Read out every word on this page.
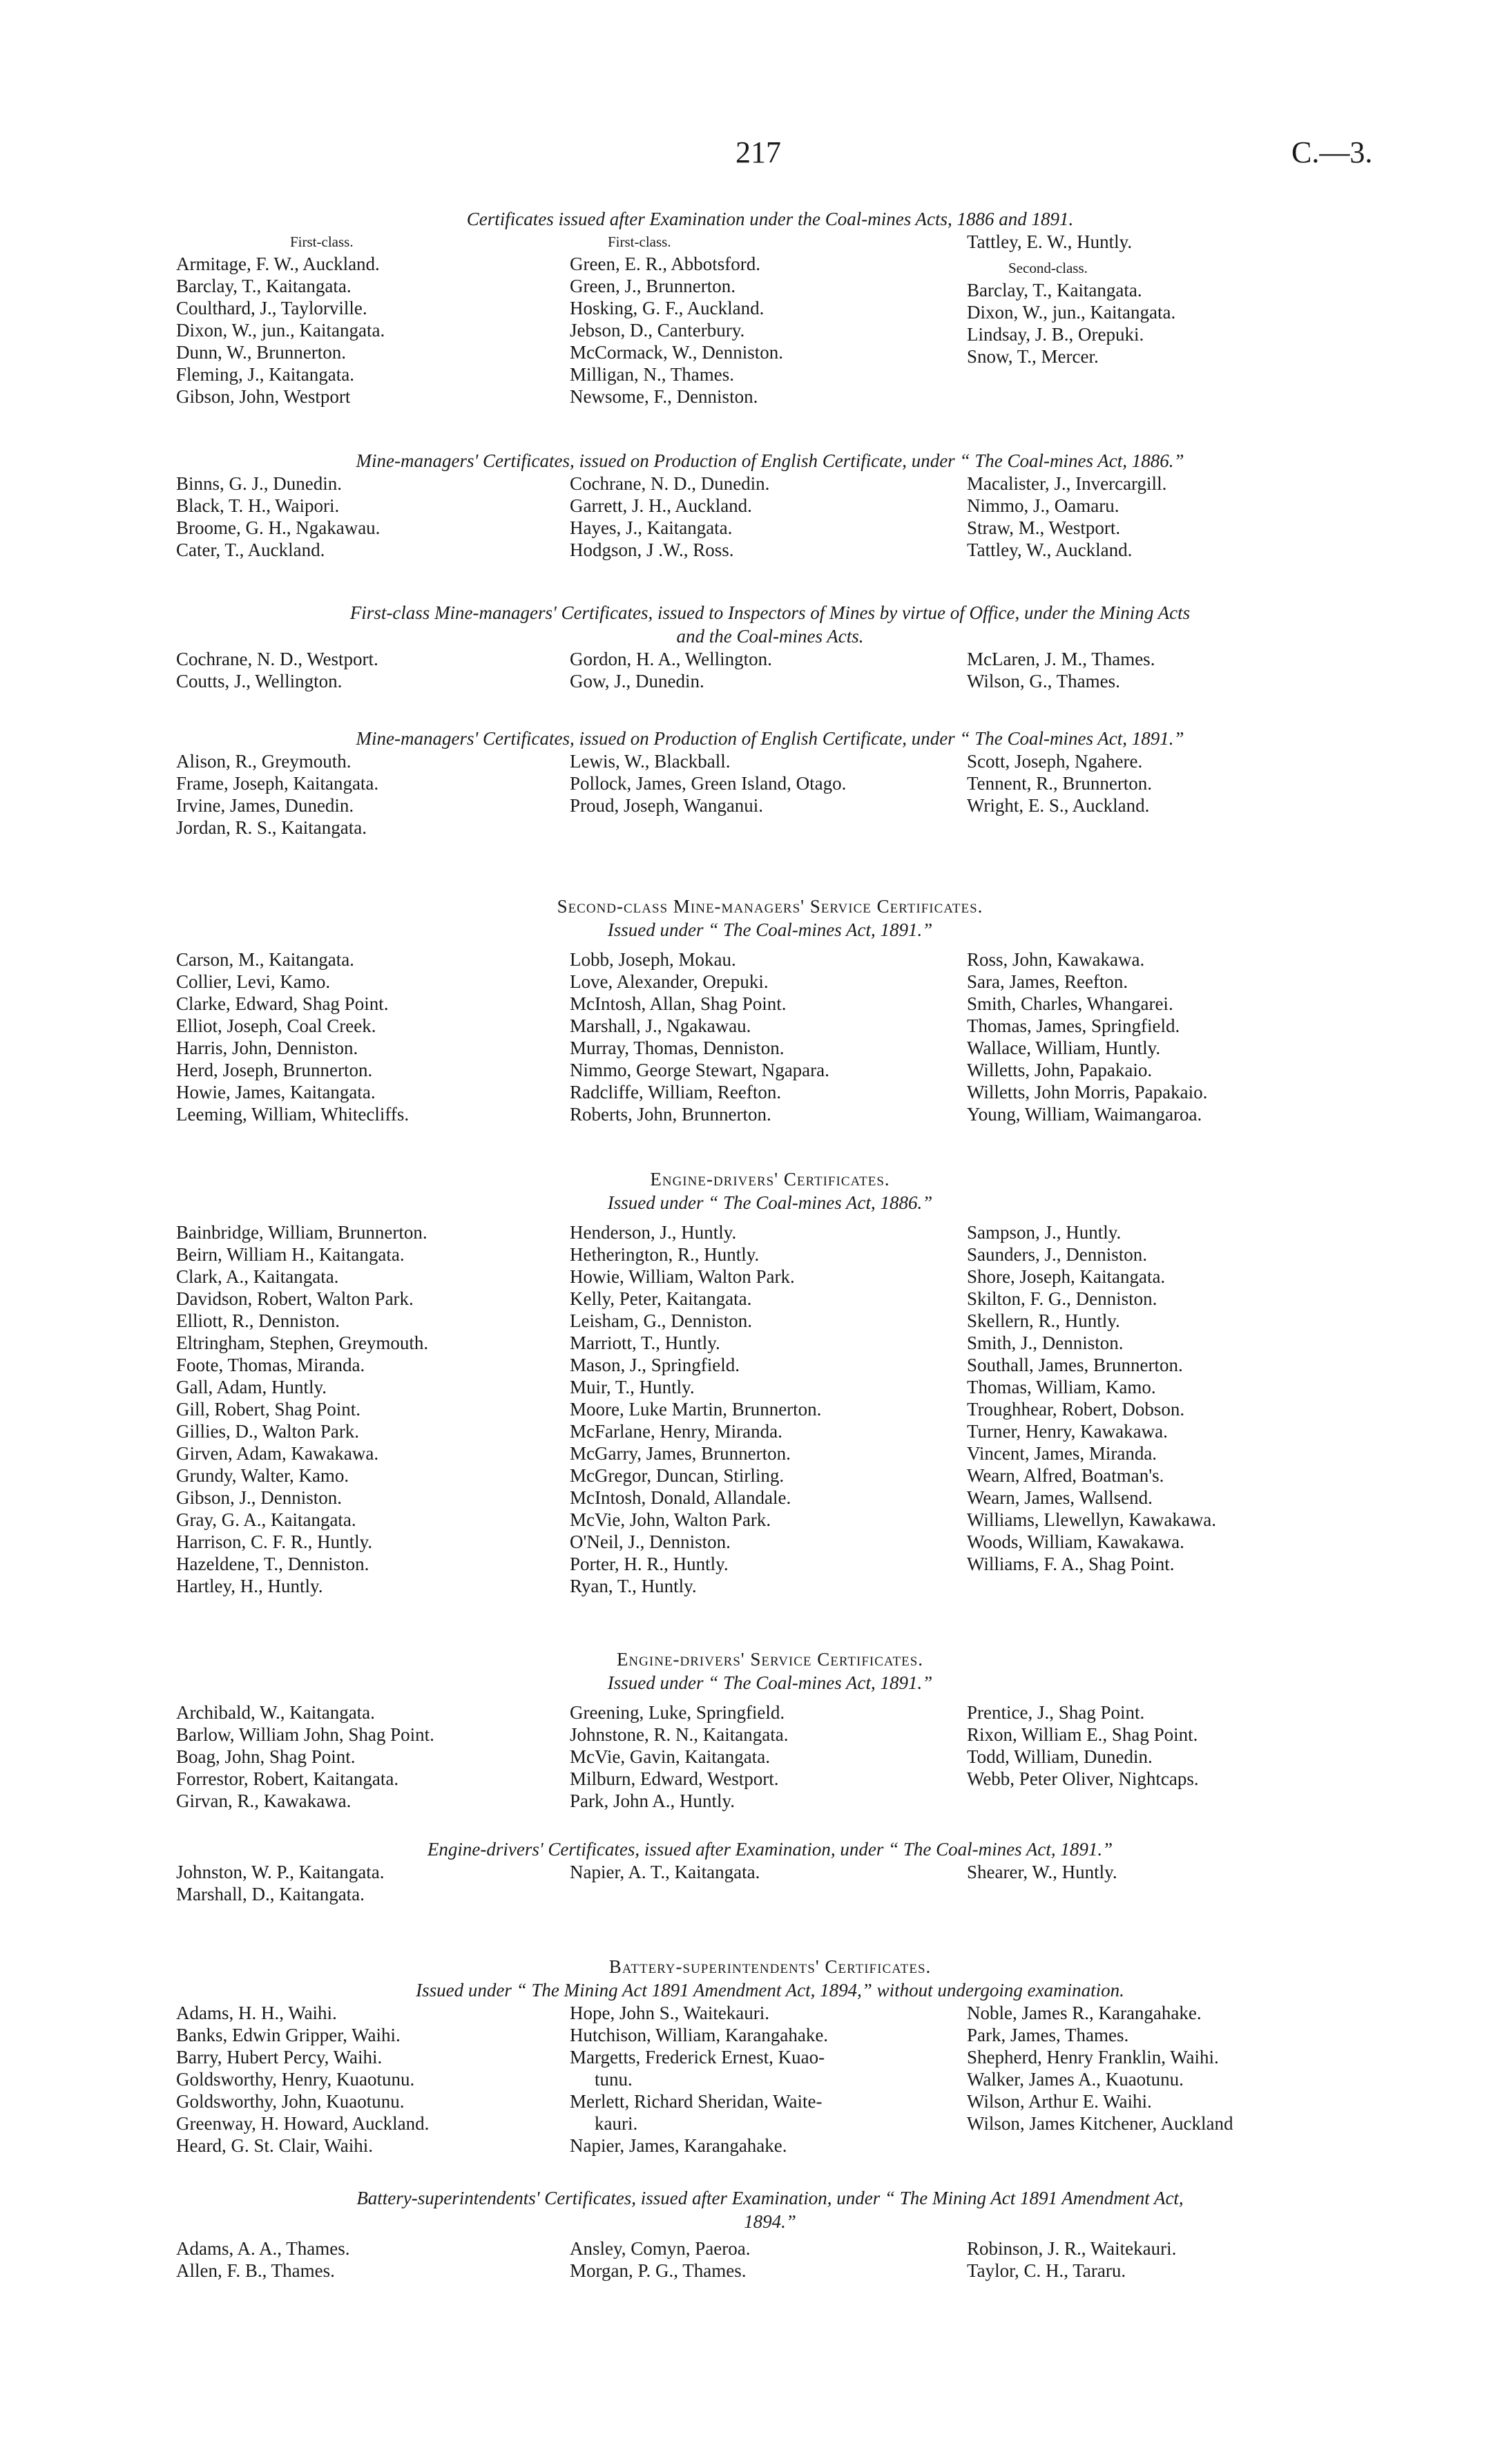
217	C.—3.
Certificates issued after Examination under the Coal-mines Acts, 1886 and 1891.
First-class.
Armitage, F. W., Auckland.
Barclay, T., Kaitangata.
Coulthard, J., Taylorville.
Dixon, W., jun., Kaitangata.
Dunn, W., Brunnerton.
Fleming, J., Kaitangata.
Gibson, John, Westport
First-class.
Green, E. R., Abbotsford.
Green, J., Brunnerton.
Hosking, G. F., Auckland.
Jebson, D., Canterbury.
McCormack, W., Denniston.
Milligan, N., Thames.
Newsome, F., Denniston.
Tattley, E. W., Huntly.
Second-class.
Barclay, T., Kaitangata.
Dixon, W., jun., Kaitangata.
Lindsay, J. B., Orepuki.
Snow, T., Mercer.
Mine-managers' Certificates, issued on Production of English Certificate, under “ The Coal-mines Act, 1886.”
Binns, G. J., Dunedin.
Black, T. H., Waipori.
Broome, G. H., Ngakawau.
Cater, T., Auckland.
Cochrane, N. D., Dunedin.
Garrett, J. H., Auckland.
Hayes, J., Kaitangata.
Hodgson, J .W., Ross.
Macalister, J., Invercargill.
Nimmo, J., Oamaru.
Straw, M., Westport.
Tattley, W., Auckland.
First-class Mine-managers' Certificates, issued to Inspectors of Mines by virtue of Office, under the Mining Acts
and the Coal-mines Acts.
Cochrane, N. D., Westport.
Coutts, J., Wellington.
Gordon, H. A., Wellington.
Gow, J., Dunedin.
McLaren, J. M., Thames.
Wilson, G., Thames.
Mine-managers' Certificates, issued on Production of English Certificate, under “ The Coal-mines Act, 1891.”
Alison, R., Greymouth.
Frame, Joseph, Kaitangata.
Irvine, James, Dunedin.
Jordan, R. S., Kaitangata.
Lewis, W., Blackball.
Pollock, James, Green Island, Otago.
Proud, Joseph, Wanganui.
Scott, Joseph, Ngahere.
Tennent, R., Brunnerton.
Wright, E. S., Auckland.
Second-class Mine-managers' Service Certificates.
Issued under “ The Coal-mines Act, 1891.”
Carson, M., Kaitangata.
Collier, Levi, Kamo.
Clarke, Edward, Shag Point.
Elliot, Joseph, Coal Creek.
Harris, John, Denniston.
Herd, Joseph, Brunnerton.
Howie, James, Kaitangata.
Leeming, William, Whitecliffs.
Lobb, Joseph, Mokau.
Love, Alexander, Orepuki.
McIntosh, Allan, Shag Point.
Marshall, J., Ngakawau.
Murray, Thomas, Denniston.
Nimmo, George Stewart, Ngapara.
Radcliffe, William, Reefton.
Roberts, John, Brunnerton.
Ross, John, Kawakawa.
Sara, James, Reefton.
Smith, Charles, Whangarei.
Thomas, James, Springfield.
Wallace, William, Huntly.
Willetts, John, Papakaio.
Willetts, John Morris, Papakaio.
Young, William, Waimangaroa.
Engine-drivers' Certificates.
Issued under “ The Coal-mines Act, 1886.”
Bainbridge, William, Brunnerton.
Beirn, William H., Kaitangata.
Clark, A., Kaitangata.
Davidson, Robert, Walton Park.
Elliott, R., Denniston.
Eltringham, Stephen, Greymouth.
Foote, Thomas, Miranda.
Gall, Adam, Huntly.
Gill, Robert, Shag Point.
Gillies, D., Walton Park.
Girven, Adam, Kawakawa.
Grundy, Walter, Kamo.
Gibson, J., Denniston.
Gray, G. A., Kaitangata.
Harrison, C. F. R., Huntly.
Hazeldene, T., Denniston.
Hartley, H., Huntly.
Henderson, J., Huntly.
Hetherington, R., Huntly.
Howie, William, Walton Park.
Kelly, Peter, Kaitangata.
Leisham, G., Denniston.
Marriott, T., Huntly.
Mason, J., Springfield.
Muir, T., Huntly.
Moore, Luke Martin, Brunnerton.
McFarlane, Henry, Miranda.
McGarry, James, Brunnerton.
McGregor, Duncan, Stirling.
McIntosh, Donald, Allandale.
McVie, John, Walton Park.
O'Neil, J., Denniston.
Porter, H. R., Huntly.
Ryan, T., Huntly.
Sampson, J., Huntly.
Saunders, J., Denniston.
Shore, Joseph, Kaitangata.
Skilton, F. G., Denniston.
Skellern, R., Huntly.
Smith, J., Denniston.
Southall, James, Brunnerton.
Thomas, William, Kamo.
Troughhear, Robert, Dobson.
Turner, Henry, Kawakawa.
Vincent, James, Miranda.
Wearn, Alfred, Boatman's.
Wearn, James, Wallsend.
Williams, Llewellyn, Kawakawa.
Woods, William, Kawakawa.
Williams, F. A., Shag Point.
Engine-drivers' Service Certificates.
Issued under “ The Coal-mines Act, 1891.”
Archibald, W., Kaitangata.
Barlow, William John, Shag Point.
Boag, John, Shag Point.
Forrestor, Robert, Kaitangata.
Girvan, R., Kawakawa.
Greening, Luke, Springfield.
Johnstone, R. N., Kaitangata.
McVie, Gavin, Kaitangata.
Milburn, Edward, Westport.
Park, John A., Huntly.
Prentice, J., Shag Point.
Rixon, William E., Shag Point.
Todd, William, Dunedin.
Webb, Peter Oliver, Nightcaps.
Engine-drivers' Certificates, issued after Examination, under “ The Coal-mines Act, 1891.”
Johnston, W. P., Kaitangata.
Marshall, D., Kaitangata.
Napier, A. T., Kaitangata.	Shearer, W., Huntly.
Battery-superintendents' Certificates.
Issued under “ The Mining Act 1891 Amendment Act, 1894,” without undergoing examination.
Adams, H. H., Waihi.
Banks, Edwin Gripper, Waihi.
Barry, Hubert Percy, Waihi.
Goldsworthy, Henry, Kuaotunu.
Goldsworthy, John, Kuaotunu.
Greenway, H. Howard, Auckland.
Heard, G. St. Clair, Waihi.
Hope, John S., Waitekauri.
Hutchison, William, Karangahake.
Margetts, Frederick Ernest, Kuao-
tunu.
Merlett, Richard Sheridan, Waite-
kauri.
Napier, James, Karangahake.
Noble, James R., Karangahake.
Park, James, Thames.
Shepherd, Henry Franklin, Waihi.
Walker, James A., Kuaotunu.
Wilson, Arthur E. Waihi.
Wilson, James Kitchener, Auckland
Battery-superintendents' Certificates, issued after Examination, under “ The Mining Act 1891 Amendment Act,
1894.”
Adams, A. A., Thames.
Allen, F. B., Thames.
Ansley, Comyn, Paeroa.
Morgan, P. G., Thames.
Robinson, J. R., Waitekauri.
Taylor, C. H., Tararu.
